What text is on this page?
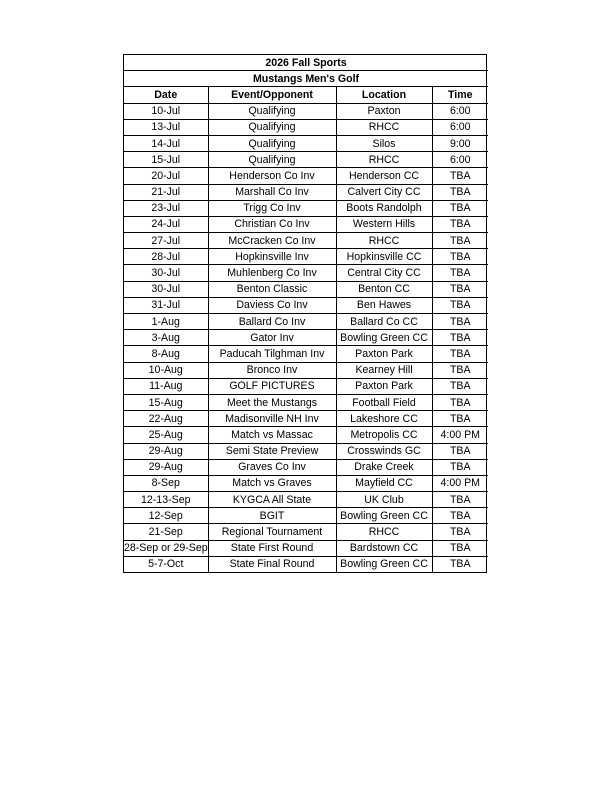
2026 Fall Sports			
Mustangs Men's Golf			
Date	Event/Opponent	Location	Time
10-Jul	Qualifying	Paxton	6:00
13-Jul	Qualifying	RHCC	6:00
14-Jul	Qualifying	Silos	9:00
15-Jul	Qualifying	RHCC	6:00
20-Jul	Henderson Co Inv	Henderson CC	TBA
21-Jul	Marshall Co Inv	Calvert City CC	TBA
23-Jul	Trigg Co Inv	Boots Randolph	TBA
24-Jul	Christian Co Inv	Western Hills	TBA
27-Jul	McCracken Co Inv	RHCC	TBA
28-Jul	Hopkinsville Inv	Hopkinsville CC	TBA
30-Jul	Muhlenberg Co Inv	Central City CC	TBA
30-Jul	Benton Classic	Benton CC	TBA
31-Jul	Daviess Co Inv	Ben Hawes	TBA
1-Aug	Ballard Co Inv	Ballard Co CC	TBA
3-Aug	Gator Inv	Bowling Green CC	TBA
8-Aug	Paducah Tilghman Inv	Paxton Park	TBA
10-Aug	Bronco Inv	Kearney Hill	TBA
11-Aug	GOLF PICTURES	Paxton Park	TBA
15-Aug	Meet the Mustangs	Football Field	TBA
22-Aug	Madisonville NH Inv	Lakeshore CC	TBA
25-Aug	Match vs Massac	Metropolis CC	4:00 PM
29-Aug	Semi State Preview	Crosswinds GC	TBA
29-Aug	Graves Co Inv	Drake Creek	TBA
8-Sep	Match vs Graves	Mayfield CC	4:00 PM
12-13-Sep	KYGCA All State	UK Club	TBA
12-Sep	BGIT	Bowling Green CC	TBA
21-Sep	Regional Tournament	RHCC	TBA
28-Sep or 29-Sep	State First Round	Bardstown CC	TBA
5-7-Oct	State Final Round	Bowling Green CC	TBA
